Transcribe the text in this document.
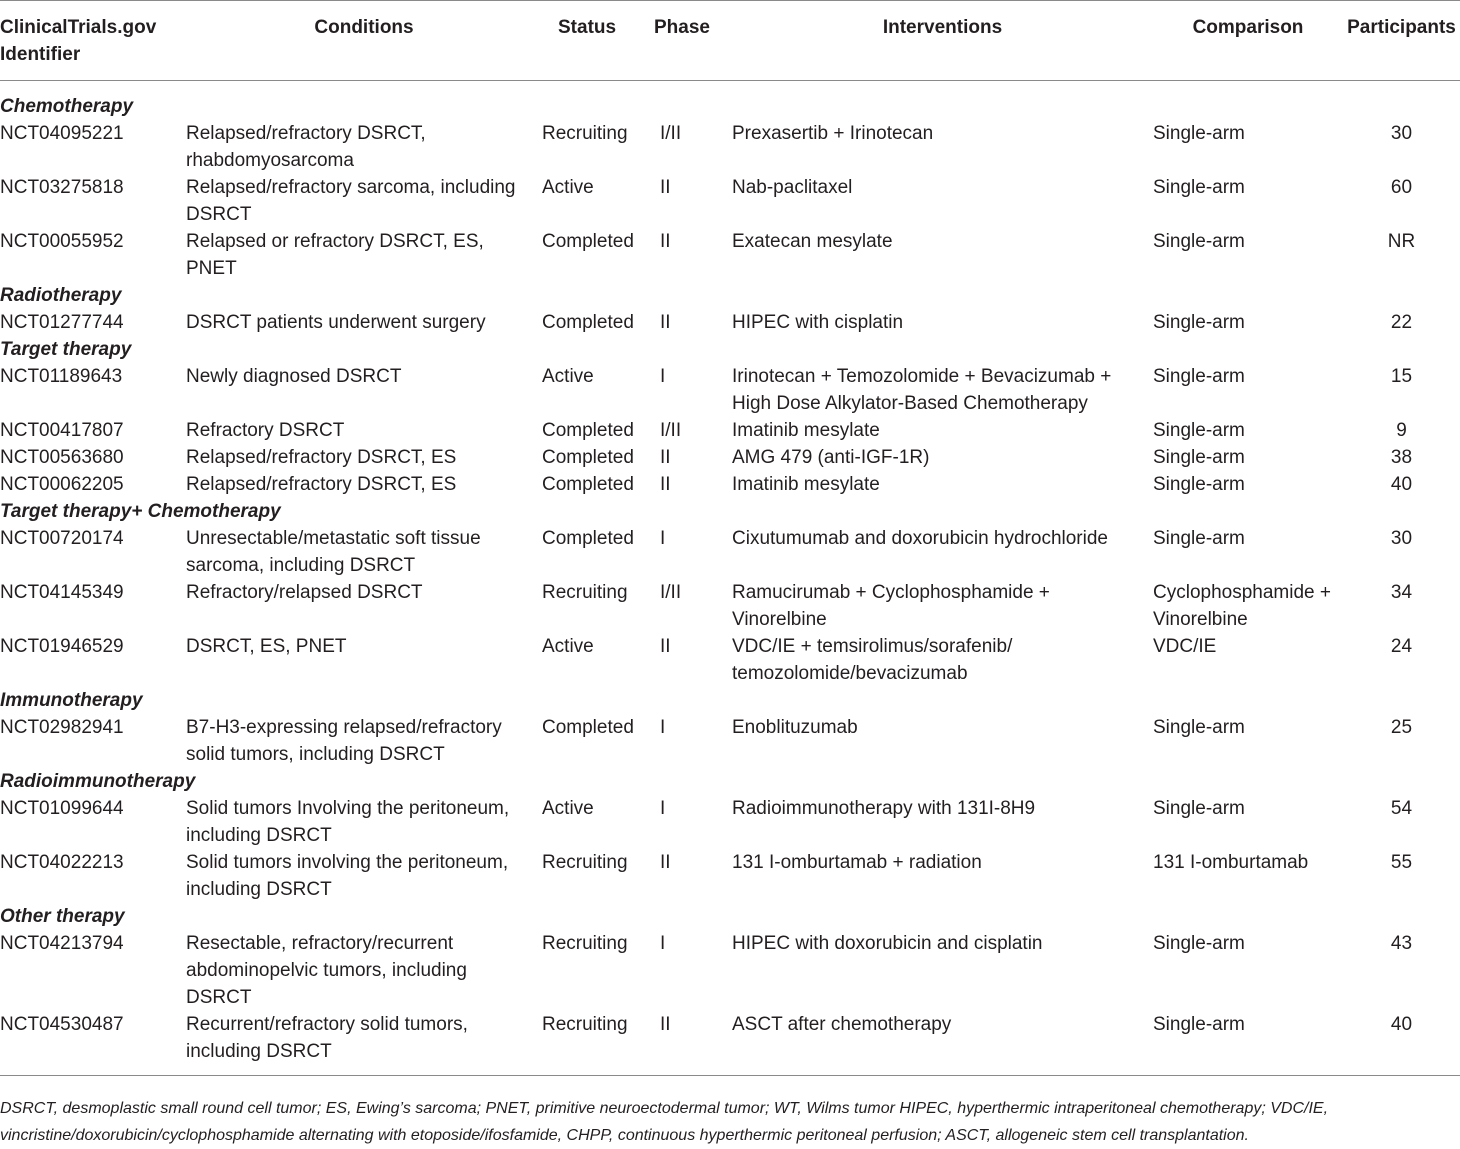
ClinicalTrials.gov
Identifier	Conditions	Status	Phase	Interventions	Comparison	Participants
Chemotherapy						
NCT04095221	Relapsed/refractory DSRCT, rhabdomyosarcoma	Recruiting	I/II	Prexasertib + Irinotecan	Single-arm	30
NCT03275818	Relapsed/refractory sarcoma, including DSRCT	Active	II	Nab-paclitaxel	Single-arm	60
NCT00055952	Relapsed or refractory DSRCT, ES, PNET	Completed	II	Exatecan mesylate	Single-arm	NR
Radiotherapy						
NCT01277744	DSRCT patients underwent surgery	Completed	II	HIPEC with cisplatin	Single-arm	22
Target therapy						
NCT01189643	Newly diagnosed DSRCT	Active	I	Irinotecan + Temozolomide + Bevacizumab + High Dose Alkylator-Based Chemotherapy	Single-arm	15
NCT00417807	Refractory DSRCT	Completed	I/II	Imatinib mesylate	Single-arm	9
NCT00563680	Relapsed/refractory DSRCT, ES	Completed	II	AMG 479 (anti-IGF-1R)	Single-arm	38
NCT00062205	Relapsed/refractory DSRCT, ES	Completed	II	Imatinib mesylate	Single-arm	40
Target therapy+ Chemotherapy						
NCT00720174	Unresectable/metastatic soft tissue sarcoma, including DSRCT	Completed	I	Cixutumumab and doxorubicin hydrochloride	Single-arm	30
NCT04145349	Refractory/relapsed DSRCT	Recruiting	I/II	Ramucirumab + Cyclophosphamide + Vinorelbine	Cyclophosphamide + Vinorelbine	34
NCT01946529	DSRCT, ES, PNET	Active	II	VDC/IE + temsirolimus/sorafenib/ temozolomide/bevacizumab	VDC/IE	24
Immunotherapy						
NCT02982941	B7-H3-expressing relapsed/refractory solid tumors, including DSRCT	Completed	I	Enoblituzumab	Single-arm	25
Radioimmunotherapy						
NCT01099644	Solid tumors Involving the peritoneum, including DSRCT	Active	I	Radioimmunotherapy with 131I-8H9	Single-arm	54
NCT04022213	Solid tumors involving the peritoneum, including DSRCT	Recruiting	II	131 I-omburtamab + radiation	131 I-omburtamab	55
Other therapy						
NCT04213794	Resectable, refractory/recurrent abdominopelvic tumors, including DSRCT	Recruiting	I	HIPEC with doxorubicin and cisplatin	Single-arm	43
NCT04530487	Recurrent/refractory solid tumors, including DSRCT	Recruiting	II	ASCT after chemotherapy	Single-arm	40
DSRCT, desmoplastic small round cell tumor; ES, Ewing’s sarcoma; PNET, primitive neuroectodermal tumor; WT, Wilms tumor HIPEC, hyperthermic intraperitoneal chemotherapy; VDC/IE, vincristine/doxorubicin/cyclophosphamide alternating with etoposide/ifosfamide, CHPP, continuous hyperthermic peritoneal perfusion; ASCT, allogeneic stem cell transplantation.
